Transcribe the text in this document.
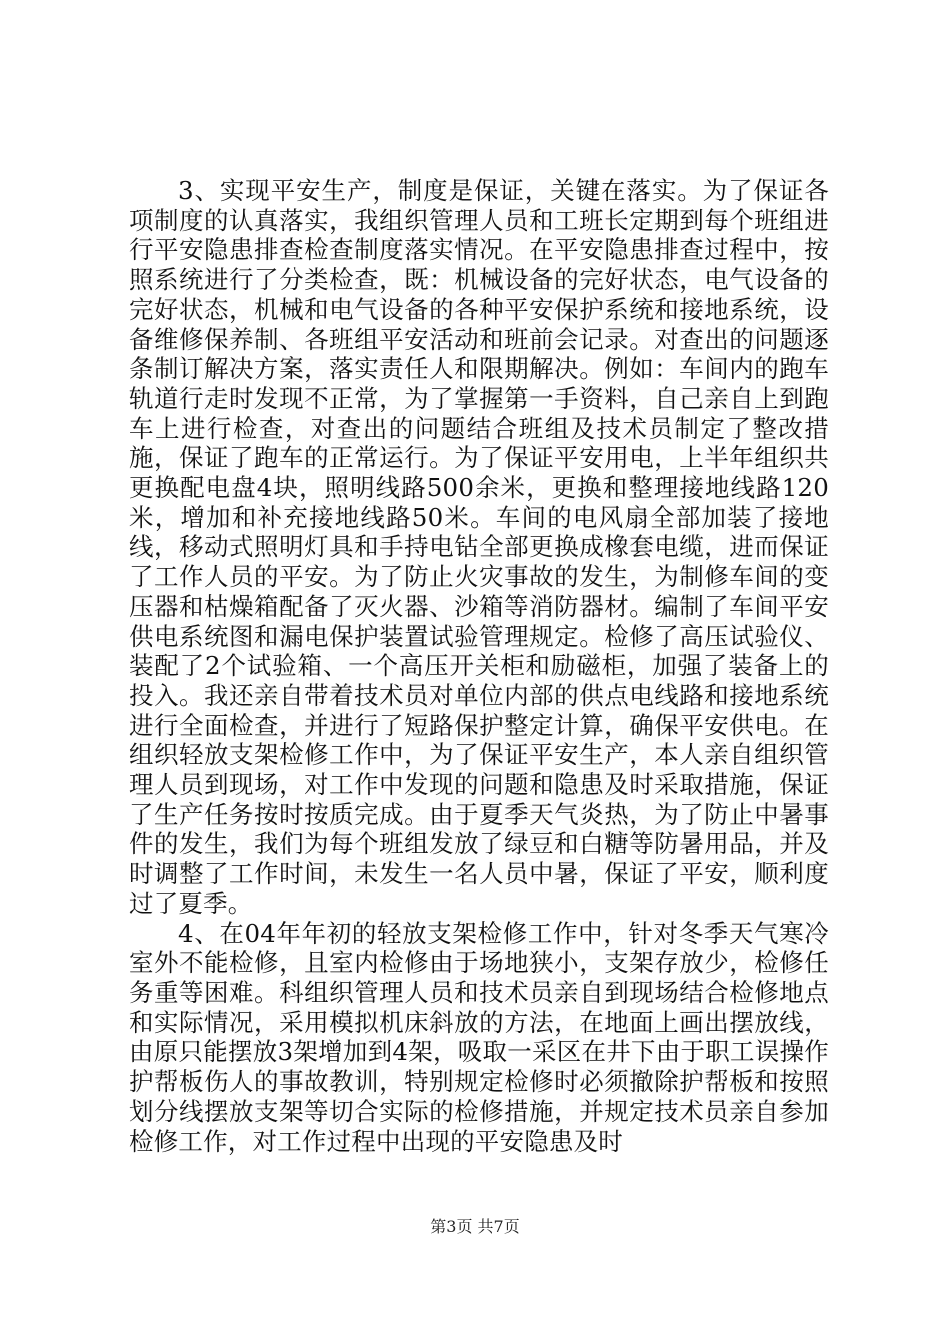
3、实现平安生产，制度是保证，关键在落实。为了保证各项制度的认真落实，我组织管理人员和工班长定期到每个班组进行平安隐患排查检查制度落实情况。在平安隐患排查过程中，按照系统进行了分类检查，既：机械设备的完好状态，电气设备的完好状态，机械和电气设备的各种平安保护系统和接地系统，设备维修保养制、各班组平安活动和班前会记录。对查出的问题逐条制订解决方案，落实责任人和限期解决。例如：车间内的跑车轨道行走时发现不正常，为了掌握第一手资料，自己亲自上到跑车上进行检查，对查出的问题结合班组及技术员制定了整改措施，保证了跑车的正常运行。为了保证平安用电，上半年组织共更换配电盘4块，照明线路500余米，更换和整理接地线路120米，增加和补充接地线路50米。车间的电风扇全部加装了接地线，移动式照明灯具和手持电钻全部更换成橡套电缆，进而保证了工作人员的平安。为了防止火灾事故的发生，为制修车间的变压器和枯燥箱配备了灭火器、沙箱等消防器材。编制了车间平安供电系统图和漏电保护装置试验管理规定。检修了高压试验仪、装配了2个试验箱、一个高压开关柜和励磁柜，加强了装备上的投入。我还亲自带着技术员对单位内部的供点电线路和接地系统进行全面检查，并进行了短路保护整定计算，确保平安供电。在组织轻放支架检修工作中，为了保证平安生产，本人亲自组织管理人员到现场，对工作中发现的问题和隐患及时采取措施，保证了生产任务按时按质完成。由于夏季天气炎热，为了防止中暑事件的发生，我们为每个班组发放了绿豆和白糖等防暑用品，并及时调整了工作时间，未发生一名人员中暑，保证了平安，顺利度过了夏季。

4、在04年年初的轻放支架检修工作中，针对冬季天气寒冷室外不能检修，且室内检修由于场地狭小，支架存放少，检修任务重等困难。科组织管理人员和技术员亲自到现场结合检修地点和实际情况，采用模拟机床斜放的方法，在地面上画出摆放线，由原只能摆放3架增加到4架，吸取一采区在井下由于职工误操作护帮板伤人的事故教训，特别规定检修时必须撤除护帮板和按照划分线摆放支架等切合实际的检修措施，并规定技术员亲自参加检修工作，对工作过程中出现的平安隐患及时

第3页 共7页
